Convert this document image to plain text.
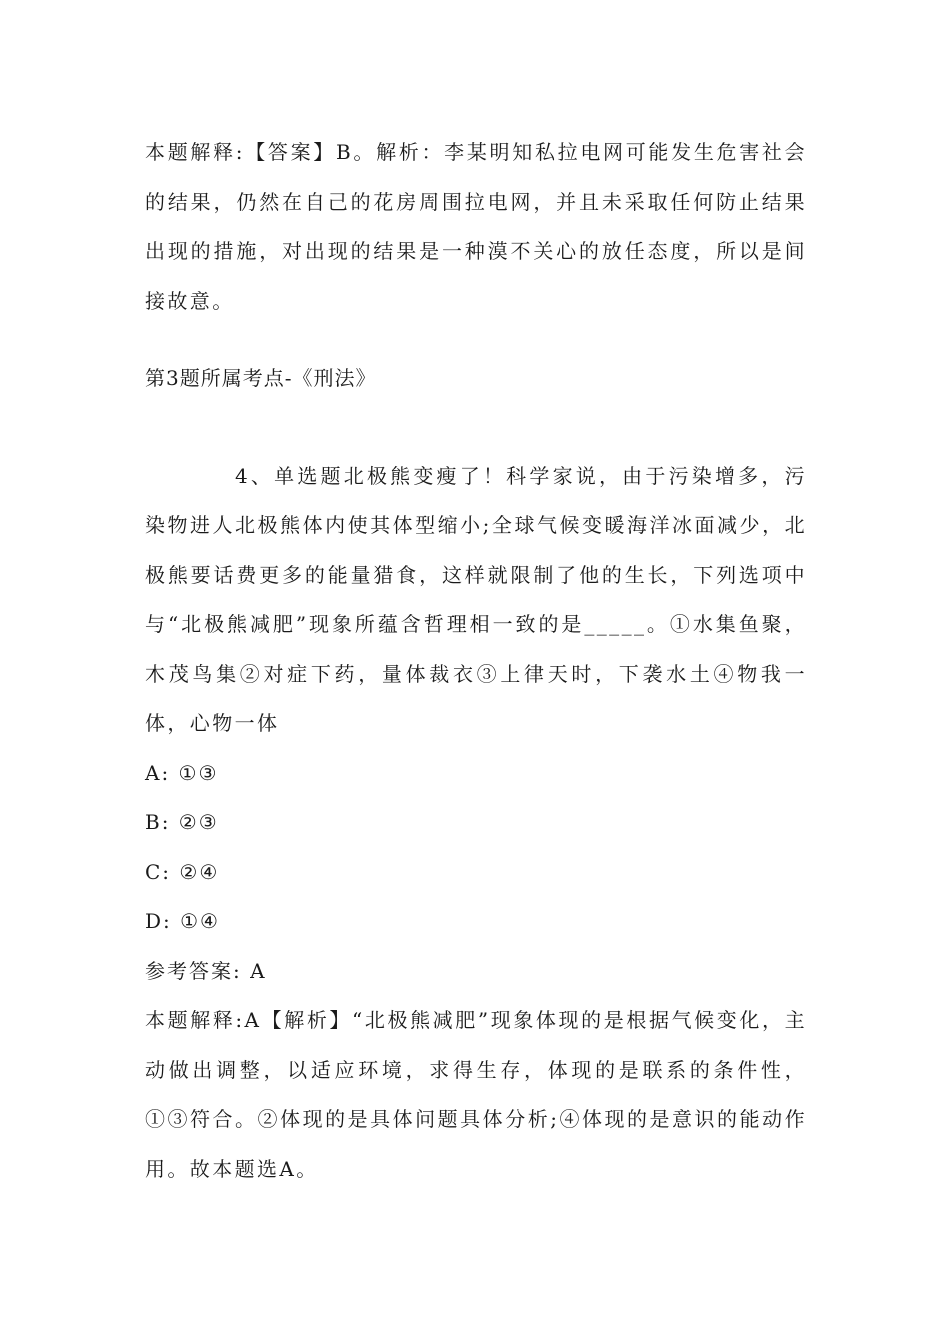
本题解释:【答案】B。解析：李某明知私拉电网可能发生危害社会的结果，仍然在自己的花房周围拉电网，并且未采取任何防止结果出现的措施，对出现的结果是一种漠不关心的放任态度，所以是间接故意。

第3题所属考点-《刑法》

4、单选题北极熊变瘦了！科学家说，由于污染增多，污染物进人北极熊体内使其体型缩小;全球气候变暖海洋冰面减少，北极熊要话费更多的能量猎食，这样就限制了他的生长，下列选项中与“北极熊减肥”现象所蕴含哲理相一致的是_____。①水集鱼聚，木茂鸟集②对症下药，量体裁衣③上律天时，下袭水土④物我一体，心物一体

A: ①③

B: ②③

C: ②④

D: ①④

参考答案: A

本题解释:A【解析】“北极熊减肥”现象体现的是根据气候变化，主动做出调整，以适应环境，求得生存，体现的是联系的条件性，①③符合。②体现的是具体问题具体分析;④体现的是意识的能动作用。故本题选A。
